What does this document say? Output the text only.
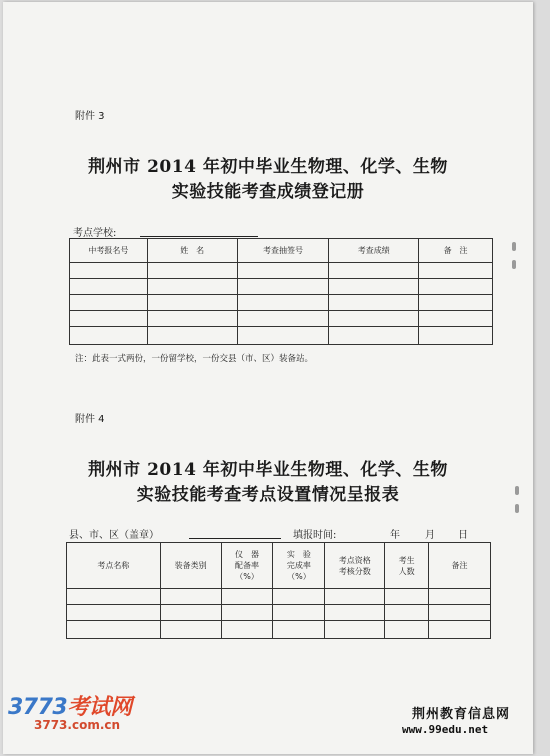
附件 3
荆州市 2014 年初中毕业生物理、化学、生物
实验技能考查成绩登记册
考点学校:
中考报名号	姓　名	考查抽签号	考查成绩	备　注

注：此表一式两份，一份留学校，一份交县（市、区）装备站。
附件 4
荆州市 2014 年初中毕业生物理、化学、生物
实验技能考查考点设置情况呈报表
县、市、区（盖章）	填报时间:	年	月 日
考点名称	装备类别	仪　器
配备率
（%）	实　验
完成率
（%）	考点资格
考核分数	考生
人数	备注

3773考试网
3773.com.cn
荆州教育信息网
www.99edu.net
